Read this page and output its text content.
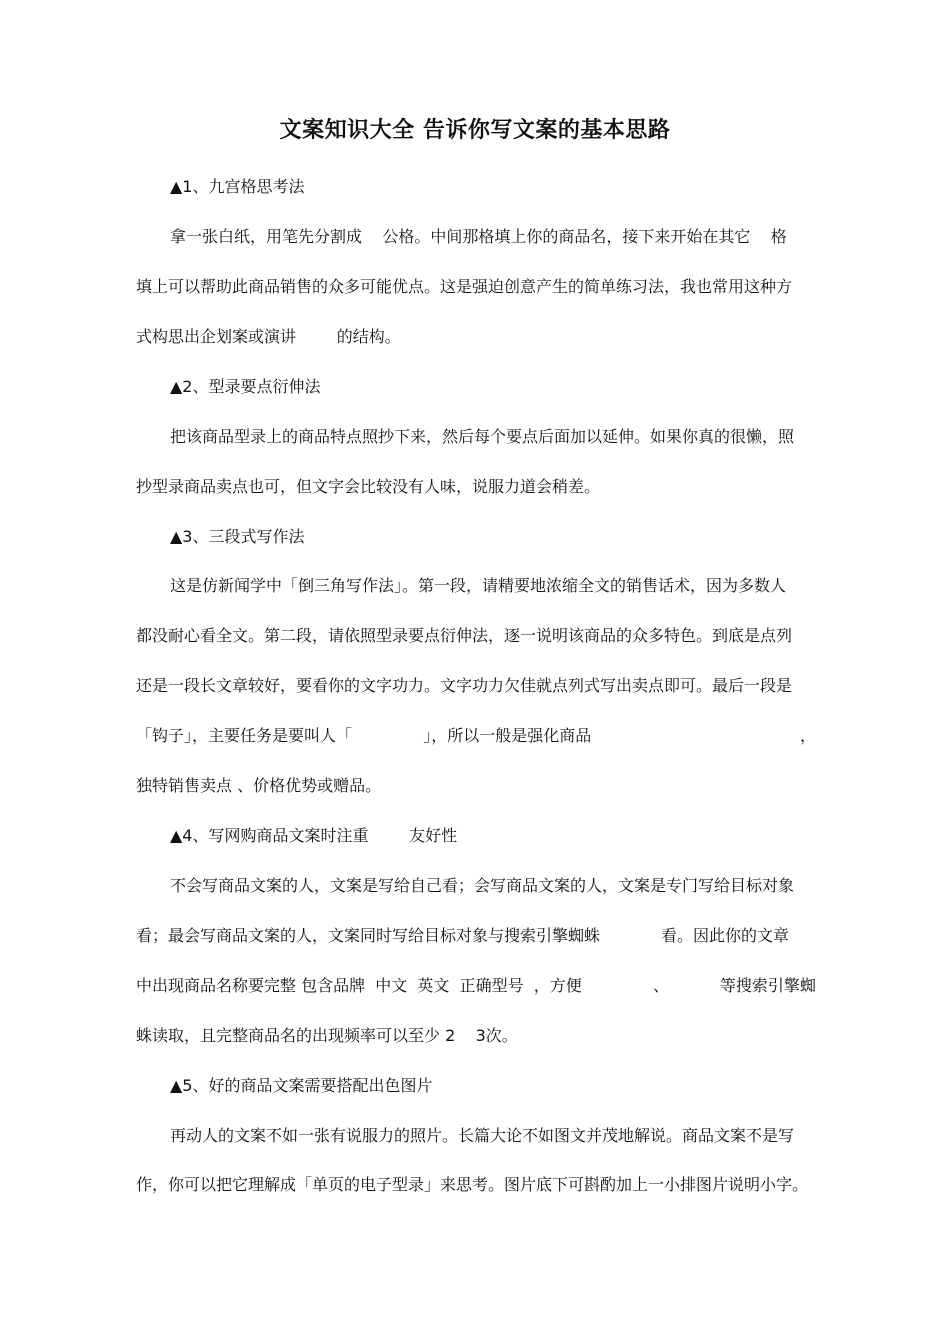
文案知识大全 告诉你写文案的基本思路
▲1、九宫格思考法
拿一张白纸，用笔先分割成    公格。中间那格填上你的商品名，接下来开始在其它    格
填上可以帮助此商品销售的众多可能优点。这是强迫创意产生的简单练习法，我也常用这种方
式构思出企划案或演讲        的结构。
▲2、型录要点衍伸法
把该商品型录上的商品特点照抄下来，然后每个要点后面加以延伸。如果你真的很懒，照
抄型录商品卖点也可，但文字会比较没有人味，说服力道会稍差。
▲3、三段式写作法
这是仿新闻学中「倒三角写作法」。第一段，请精要地浓缩全文的销售话术，因为多数人
都没耐心看全文。第二段，请依照型录要点衍伸法，逐一说明该商品的众多特色。到底是点列
还是一段长文章较好，要看你的文字功力。文字功力欠佳就点列式写出卖点即可。最后一段是
「钩子」，主要任务是要叫人「              」，所以一般是强化商品	，
独特销售卖点 、价格优势或赠品。
▲4、写网购商品文案时注重        友好性
不会写商品文案的人，文案是写给自己看；会写商品文案的人，文案是专门写给目标对象
看；最会写商品文案的人，文案同时写给目标对象与搜索引擎蜘蛛            看。因此你的文章
中出现商品名称要完整 包含品牌  中文  英文  正确型号  ，方便              、          等搜索引擎蜘
蛛读取，且完整商品名的出现频率可以至少 2    3次。
▲5、好的商品文案需要搭配出色图片
再动人的文案不如一张有说服力的照片。长篇大论不如图文并茂地解说。商品文案不是写
作，你可以把它理解成「单页的电子型录」来思考。图片底下可斟酌加上一小排图片说明小字。
